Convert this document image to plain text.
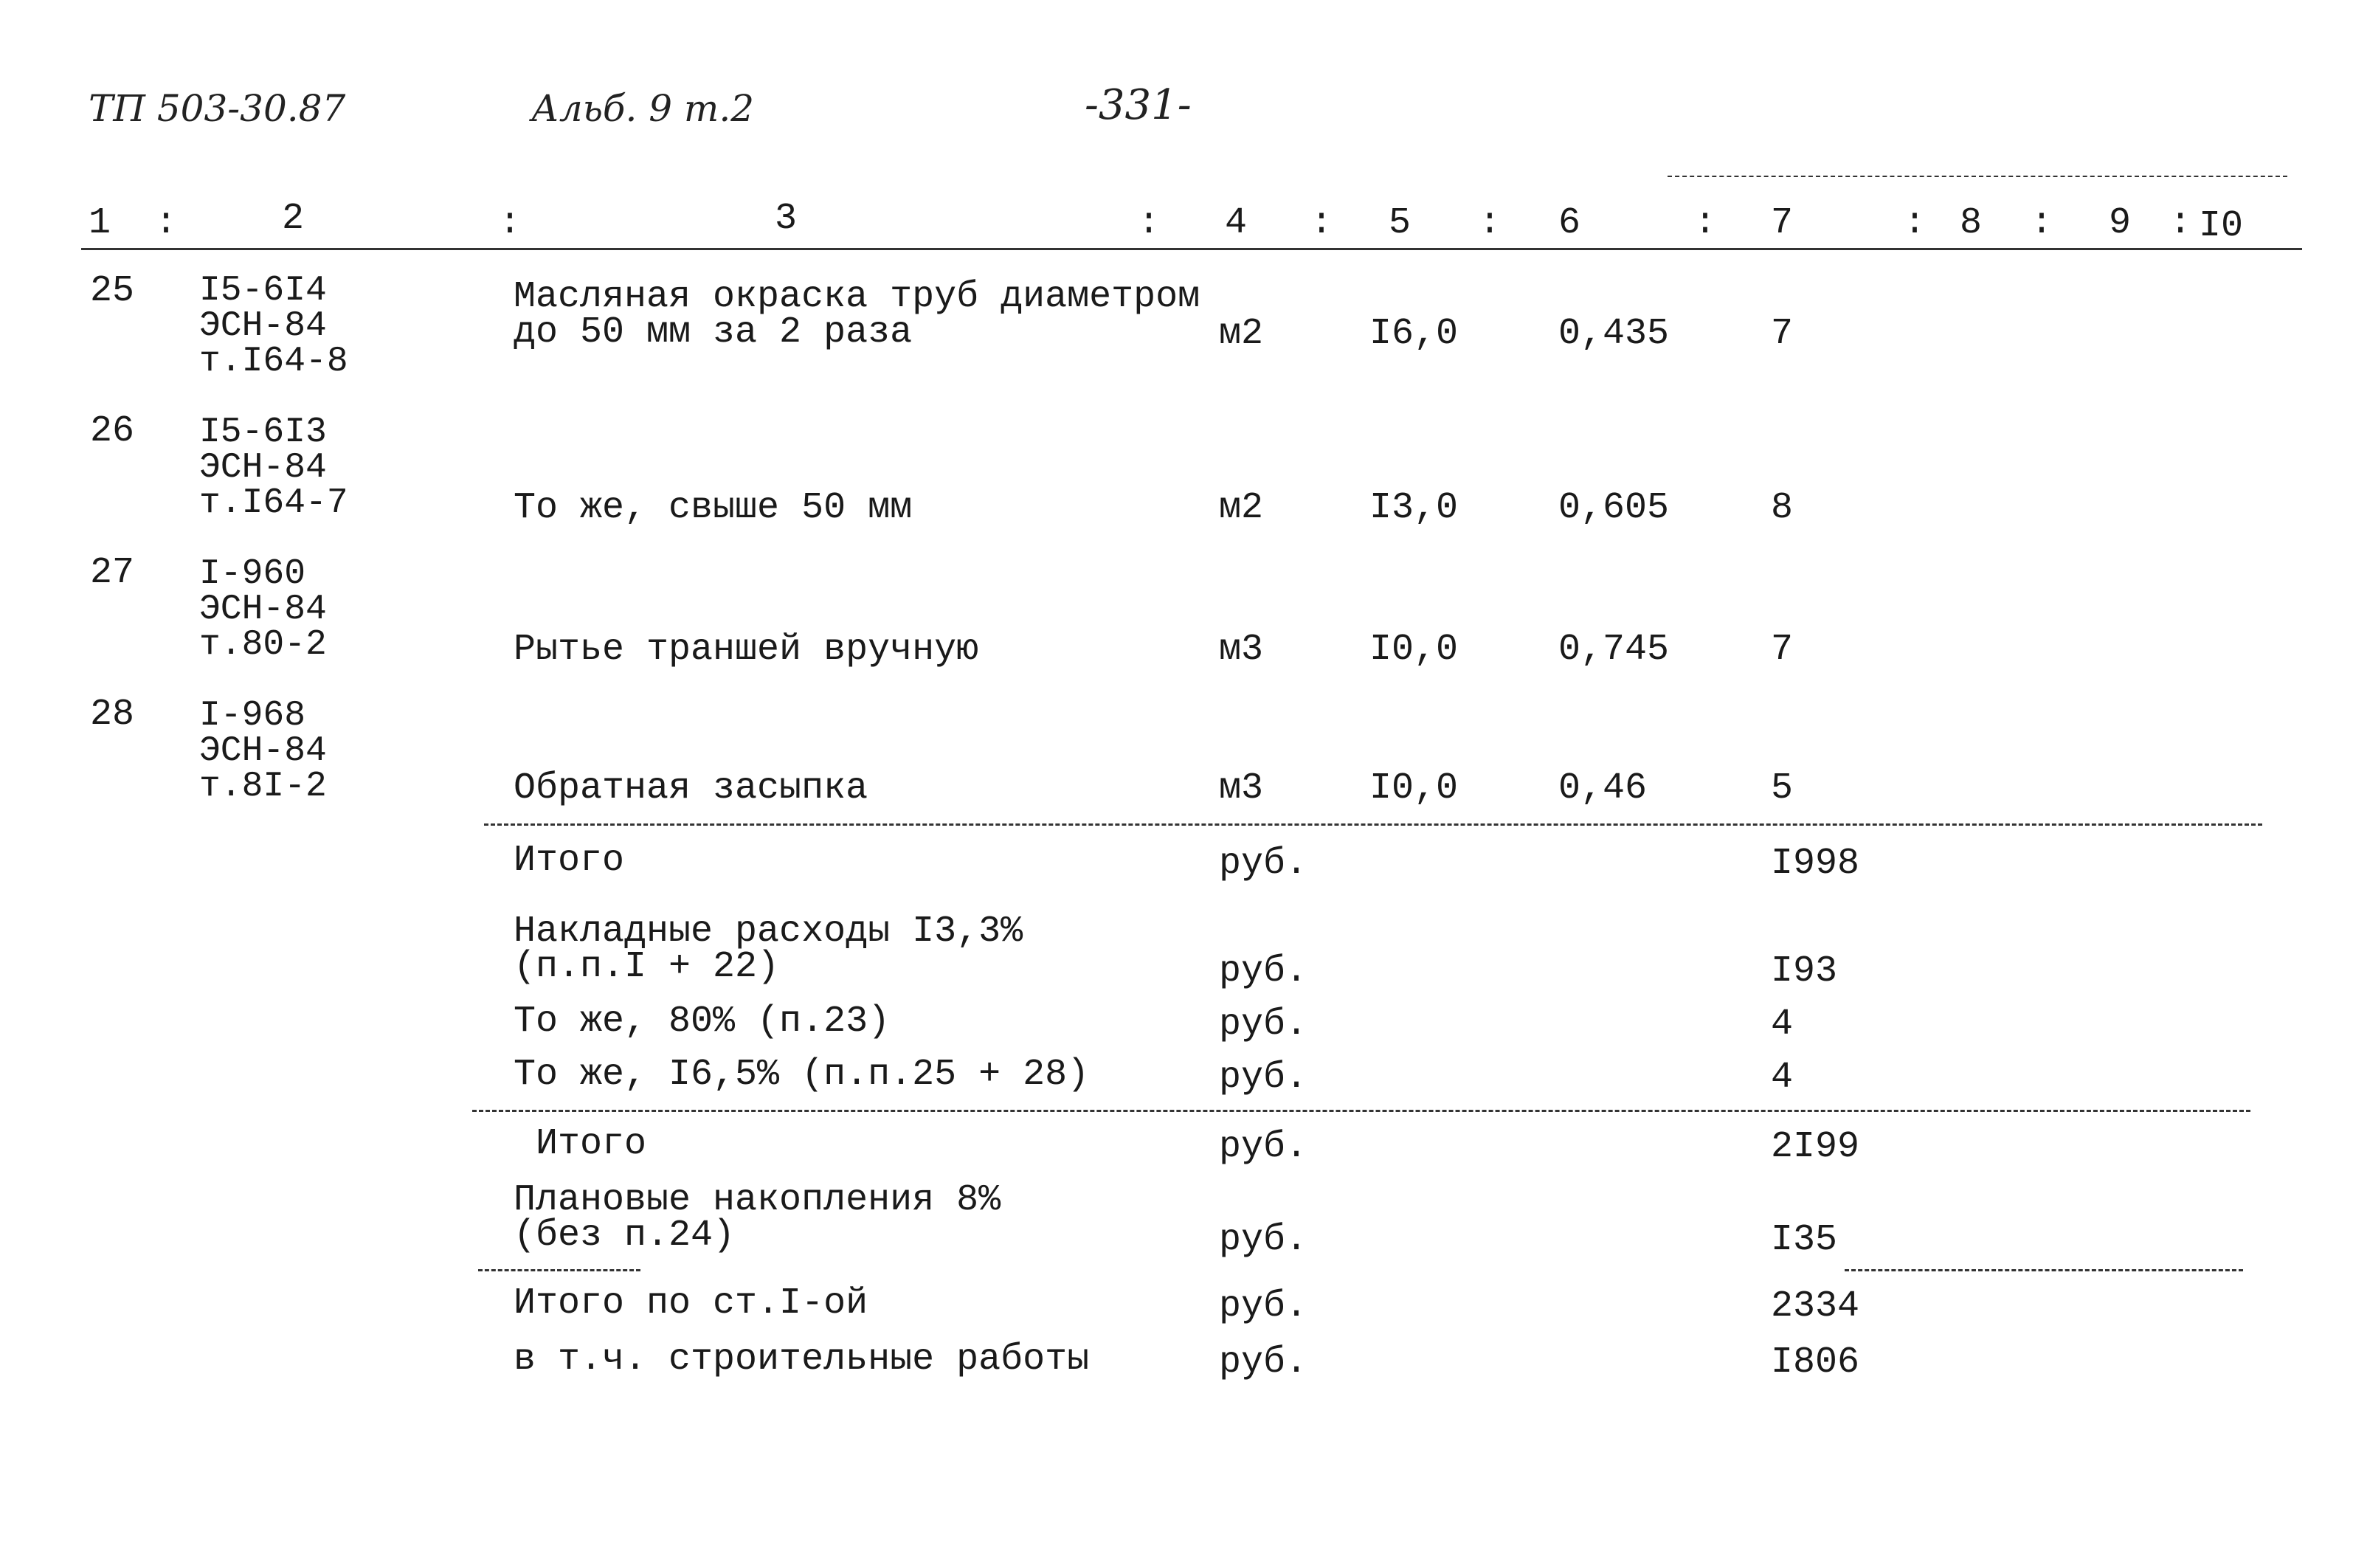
ТП 503-30.87	Альб. 9 т.2	-331-
1 :	2	:	3	: 4 : 5 : 6	: 7	: 8 : 9 : I0
25 I5-6I4
ЭСН-84
т.I64-8
Масляная окраска труб диаметром
до 50 мм за 2 раза	м2	I6,0	0,435	7
26 I5-6I3
ЭСН-84
т.I64-7	То же, свыше 50 мм	м2	I3,0	0,605	8
27 I-960
ЭСН-84
т.80-2	Рытье траншей вручную	м3	I0,0	0,745	7
28 I-968
ЭСН-84
т.8I-2	Обратная засыпка	м3	I0,0	0,46	5
Итого	руб.	I998
Накладные расходы I3,3%
(п.п.I + 22)	руб.	I93
То же, 80% (п.23)	руб.	4
То же, I6,5% (п.п.25 + 28)	руб.	4
Итого	руб.	2I99
Плановые накопления 8%
(без п.24)	руб.	I35
Итого по ст.I-ой	руб.	2334
в т.ч. строительные работы	руб.	I806
